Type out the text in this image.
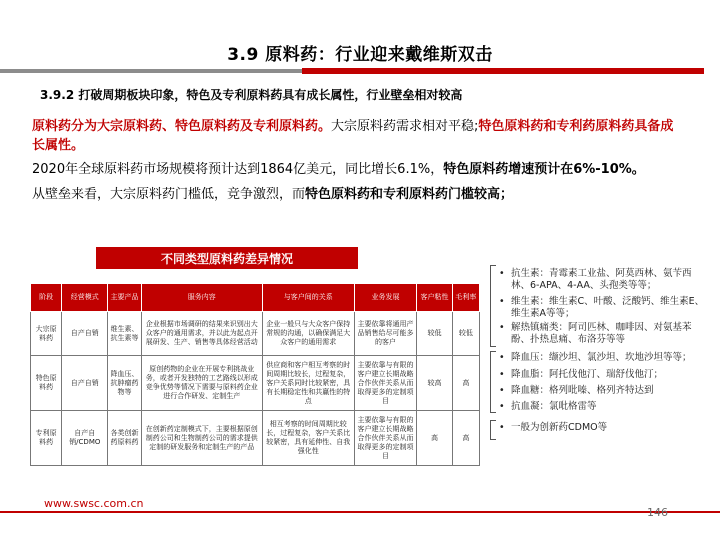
3.9 原料药：行业迎来戴维斯双击
3.9.2 打破周期板块印象，特色及专利原料药具有成长属性，行业壁垒相对较高
原料药分为大宗原料药、特色原料药及专利原料药。大宗原料药需求相对平稳;特色原料药和专利药原料药具备成长属性。
2020年全球原料药市场规模将预计达到1864亿美元，同比增长6.1%，特色原料药增速预计在6%-10%。
从壁垒来看，大宗原料药门槛低，竞争激烈，而特色原料药和专利原料药门槛较高；
不同类型原料药差异情况
阶段	经营模式	主要产品	服务内容	与客户间的关系	业务发展	客户粘性	毛利率
大宗原料药	自产自销	维生素、抗生素等	企业根据市场调研的结果来识别出大众客户的通用需求，并以此为起点开展研发、生产、销售等具体经营活动	企业一般只与大众客户保持常规的沟通，以确保满足大众客户的通用需求	主要依靠将通用产品销售给尽可能多的客户	较低	较低
特色原料药	自产自销	降血压、抗肿瘤药物等	原创药物的企业在开展专利挑战业务，或者开发独特的工艺路线以形成竞争优势等情况下需要与原料药企业进行合作研发、定制生产	供应商和客户相互考察的时间周期比较长，过程复杂，客户关系同时比较紧密，具有长期稳定性和共赢性的特点	主要依靠与有限的客户建立长期战略合作伙伴关系从而取得更多的定制项目	较高	高
专利原料药	自产自销/CDMO	各类创新药原料药	在创新药定制模式下，主要根据原创制药公司和生物制药公司的需求提供定制的研发服务和定制生产的产品	相互考察的时间周期比较长，过程复杂，客户关系比较紧密，具有延伸性、自我强化性	主要依靠与有限的客户建立长期战略合作伙伴关系从而取得更多的定制项目	高	高
• 抗生素：青霉素工业盐、阿莫西林、氨苄西林、6-APA、4-AA、头孢类等等；
• 维生素：维生素C、叶酸、泛酸钙、维生素E、维生素A等等；
• 解热镇痛类：阿司匹林、咖啡因、对氨基苯酚、扑热息痛、布洛芬等等
• 降血压：缬沙坦、氯沙坦、坎地沙坦等等；
• 降血脂：阿托伐他汀、瑞舒伐他汀；
• 降血糖：格列吡嗪、格列齐特达到
• 抗血凝：氯吡格雷等
• 一般为创新药CDMO等
www.swsc.com.cn
146
